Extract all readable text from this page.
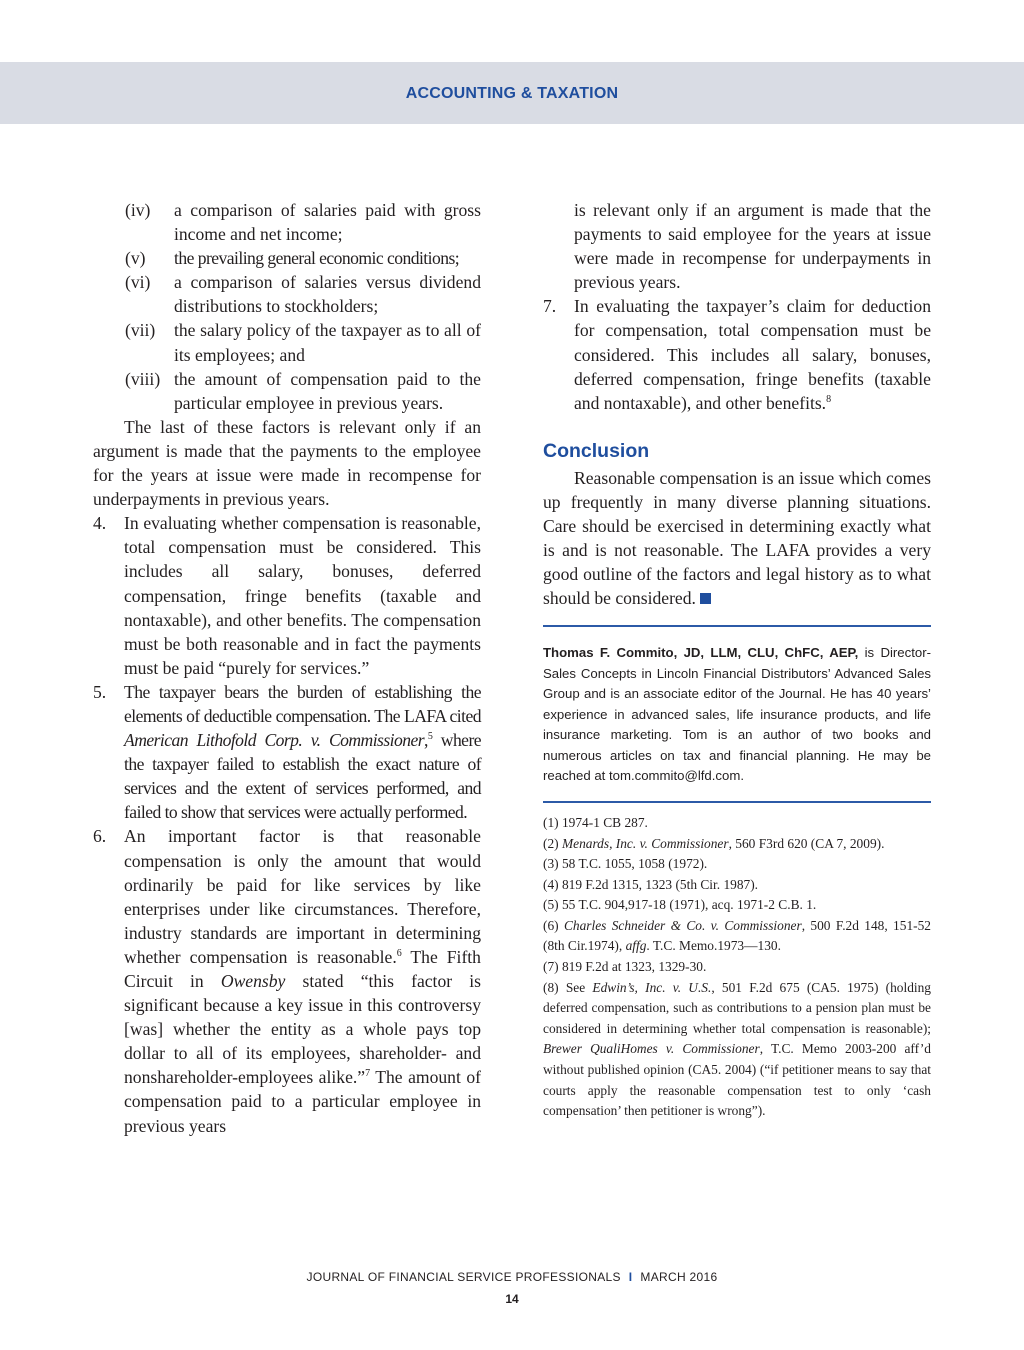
ACCOUNTING & TAXATION
(iv)	a comparison of salaries paid with gross income and net income;
(v)	the prevailing general economic conditions;
(vi)	a comparison of salaries versus dividend distributions to stockholders;
(vii)	the salary policy of the taxpayer as to all of its employees; and
(viii) the amount of compensation paid to the particular employee in previous years.

The last of these factors is relevant only if an argument is made that the payments to the employee for the years at issue were made in recompense for underpayments in previous years.

4.	In evaluating whether compensation is reasonable, total compensation must be considered. This includes all salary, bonuses, deferred compensation, fringe benefits (taxable and nontaxable), and other benefits. The compensation must be both reasonable and in fact the payments must be paid “purely for services.”
5.	The taxpayer bears the burden of establishing the elements of deductible compensation. The LAFA cited American Lithofold Corp. v. Commissioner,$^5$ where the taxpayer failed to establish the exact nature of services and the extent of services performed, and failed to show that services were actually performed.
6.	An important factor is that reasonable compensation is only the amount that would ordinarily be paid for like services by like enterprises under like circumstances. Therefore, industry standards are important in determining whether compensation is reasonable.$^6$ The Fifth Circuit in Owensby stated “this factor is significant because a key issue in this controversy [was] whether the entity as a whole pays top dollar to all of its employees, shareholder- and nonshareholder-employees alike.”$^7$ The amount of compensation paid to a particular employee in previous years
is relevant only if an argument is made that the payments to said employee for the years at issue were made in recompense for underpayments in previous years.
7.	In evaluating the taxpayer’s claim for deduction for compensation, total compensation must be considered. This includes all salary, bonuses, deferred compensation, fringe benefits (taxable and nontaxable), and other benefits.$^8$
Conclusion

Reasonable compensation is an issue which comes up frequently in many diverse planning situations. Care should be exercised in determining exactly what is and is not reasonable. The LAFA provides a very good outline of the factors and legal history as to what should be considered.

Thomas F. Commito, JD, LLM, CLU, ChFC, AEP, is Director-Sales Concepts in Lincoln Financial Distributors’ Advanced Sales Group and is an associate editor of the Journal. He has 40 years’ experience in advanced sales, life insurance products, and life insurance marketing. Tom is an author of two books and numerous articles on tax and financial planning. He may be reached at tom.commito@lfd.com.
(1) 1974-1 CB 287.
(2) Menards, Inc. v. Commissioner, 560 F3rd 620 (CA 7, 2009).
(3) 58 T.C. 1055, 1058 (1972).
(4) 819 F.2d 1315, 1323 (5th Cir. 1987).
(5) 55 T.C. 904,917-18 (1971), acq. 1971-2 C.B. 1.
(6) Charles Schneider & Co. v. Commissioner, 500 F.2d 148, 151-52 (8th Cir.1974), affg. T.C. Memo.1973—130.
(7) 819 F.2d at 1323, 1329-30.
(8) See Edwin’s, Inc. v. U.S., 501 F.2d 675 (CA5. 1975) (holding deferred compensation, such as contributions to a pension plan must be considered in determining whether total compensation is reasonable); Brewer QualiHomes v. Commissioner, T.C. Memo 2003-200 aff’d without published opinion (CA5. 2004) (“if petitioner means to say that courts apply the reasonable compensation test to only ‘cash compensation’ then petitioner is wrong”).
JOURNAL OF FINANCIAL SERVICE PROFESSIONALS I MARCH 2016
14
